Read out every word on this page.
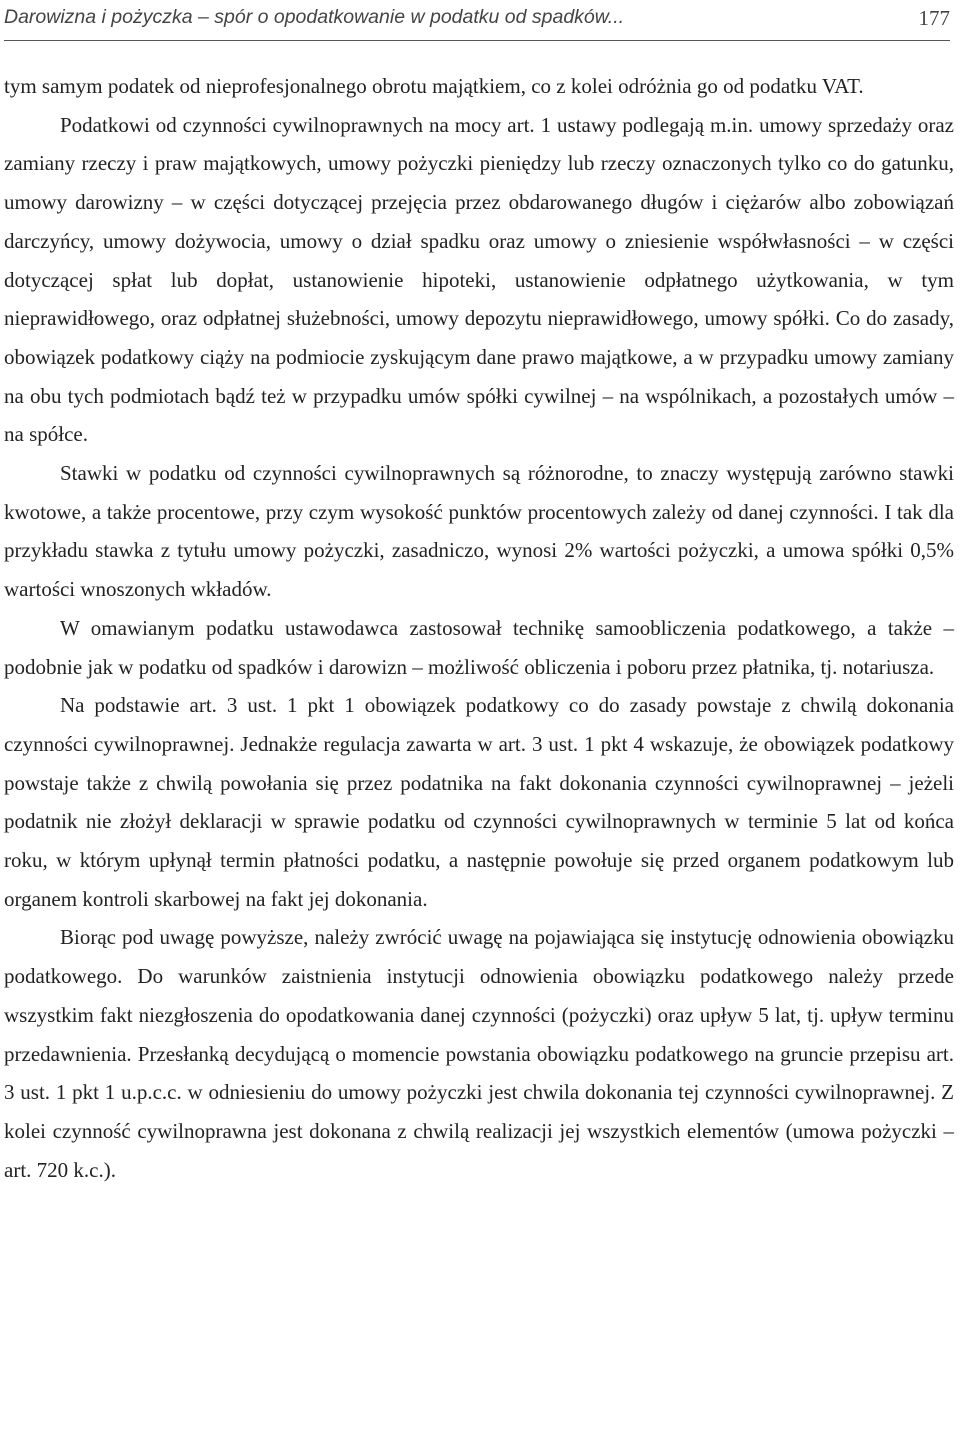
Darowizna i pożyczka – spór o opodatkowanie w podatku od spadków...	177

tym samym podatek od nieprofesjonalnego obrotu majątkiem, co z kolei odróżnia go od podatku VAT.

Podatkowi od czynności cywilnoprawnych na mocy art. 1 ustawy podlegają m.in. umowy sprzedaży oraz zamiany rzeczy i praw majątkowych, umowy pożyczki pieniędzy lub rzeczy oznaczonych tylko co do gatunku, umowy darowizny – w części dotyczącej przejęcia przez obdarowanego długów i ciężarów albo zobowiązań darczyńcy, umowy dożywocia, umowy o dział spadku oraz umowy o zniesienie współwłasności – w części dotyczącej spłat lub dopłat, ustanowienie hipoteki, ustanowienie odpłatnego użytkowania, w tym nieprawidłowego, oraz odpłatnej służebności, umowy depozytu nieprawidłowego, umowy spółki. Co do zasady, obowiązek podatkowy ciąży na podmiocie zyskującym dane prawo majątkowe, a w przypadku umowy zamiany na obu tych podmiotach bądź też w przypadku umów spółki cywilnej – na wspólnikach, a pozostałych umów – na spółce.

Stawki w podatku od czynności cywilnoprawnych są różnorodne, to znaczy występują zarówno stawki kwotowe, a także procentowe, przy czym wysokość punktów procentowych zależy od danej czynności. I tak dla przykładu stawka z tytułu umowy pożyczki, zasadniczo, wynosi 2% wartości pożyczki, a umowa spółki 0,5% wartości wnoszonych wkładów.

W omawianym podatku ustawodawca zastosował technikę samoobliczenia podatkowego, a także – podobnie jak w podatku od spadków i darowizn – możliwość obliczenia i poboru przez płatnika, tj. notariusza.

Na podstawie art. 3 ust. 1 pkt 1 obowiązek podatkowy co do zasady powstaje z chwilą dokonania czynności cywilnoprawnej. Jednakże regulacja zawarta w art. 3 ust. 1 pkt 4 wskazuje, że obowiązek podatkowy powstaje także z chwilą powołania się przez podatnika na fakt dokonania czynności cywilnoprawnej – jeżeli podatnik nie złożył deklaracji w sprawie podatku od czynności cywilnoprawnych w terminie 5 lat od końca roku, w którym upłynął termin płatności podatku, a następnie powołuje się przed organem podatkowym lub organem kontroli skarbowej na fakt jej dokonania.

Biorąc pod uwagę powyższe, należy zwrócić uwagę na pojawiająca się instytucję odnowienia obowiązku podatkowego. Do warunków zaistnienia instytucji odnowienia obowiązku podatkowego należy przede wszystkim fakt niezgłoszenia do opodatkowania danej czynności (pożyczki) oraz upływ 5 lat, tj. upływ terminu przedawnienia. Przesłanką decydującą o momencie powstania obowiązku podatkowego na gruncie przepisu art. 3 ust. 1 pkt 1 u.p.c.c. w odniesieniu do umowy pożyczki jest chwila dokonania tej czynności cywilnoprawnej. Z kolei czynność cywilnoprawna jest dokonana z chwilą realizacji jej wszystkich elementów (umowa pożyczki – art. 720 k.c.).
